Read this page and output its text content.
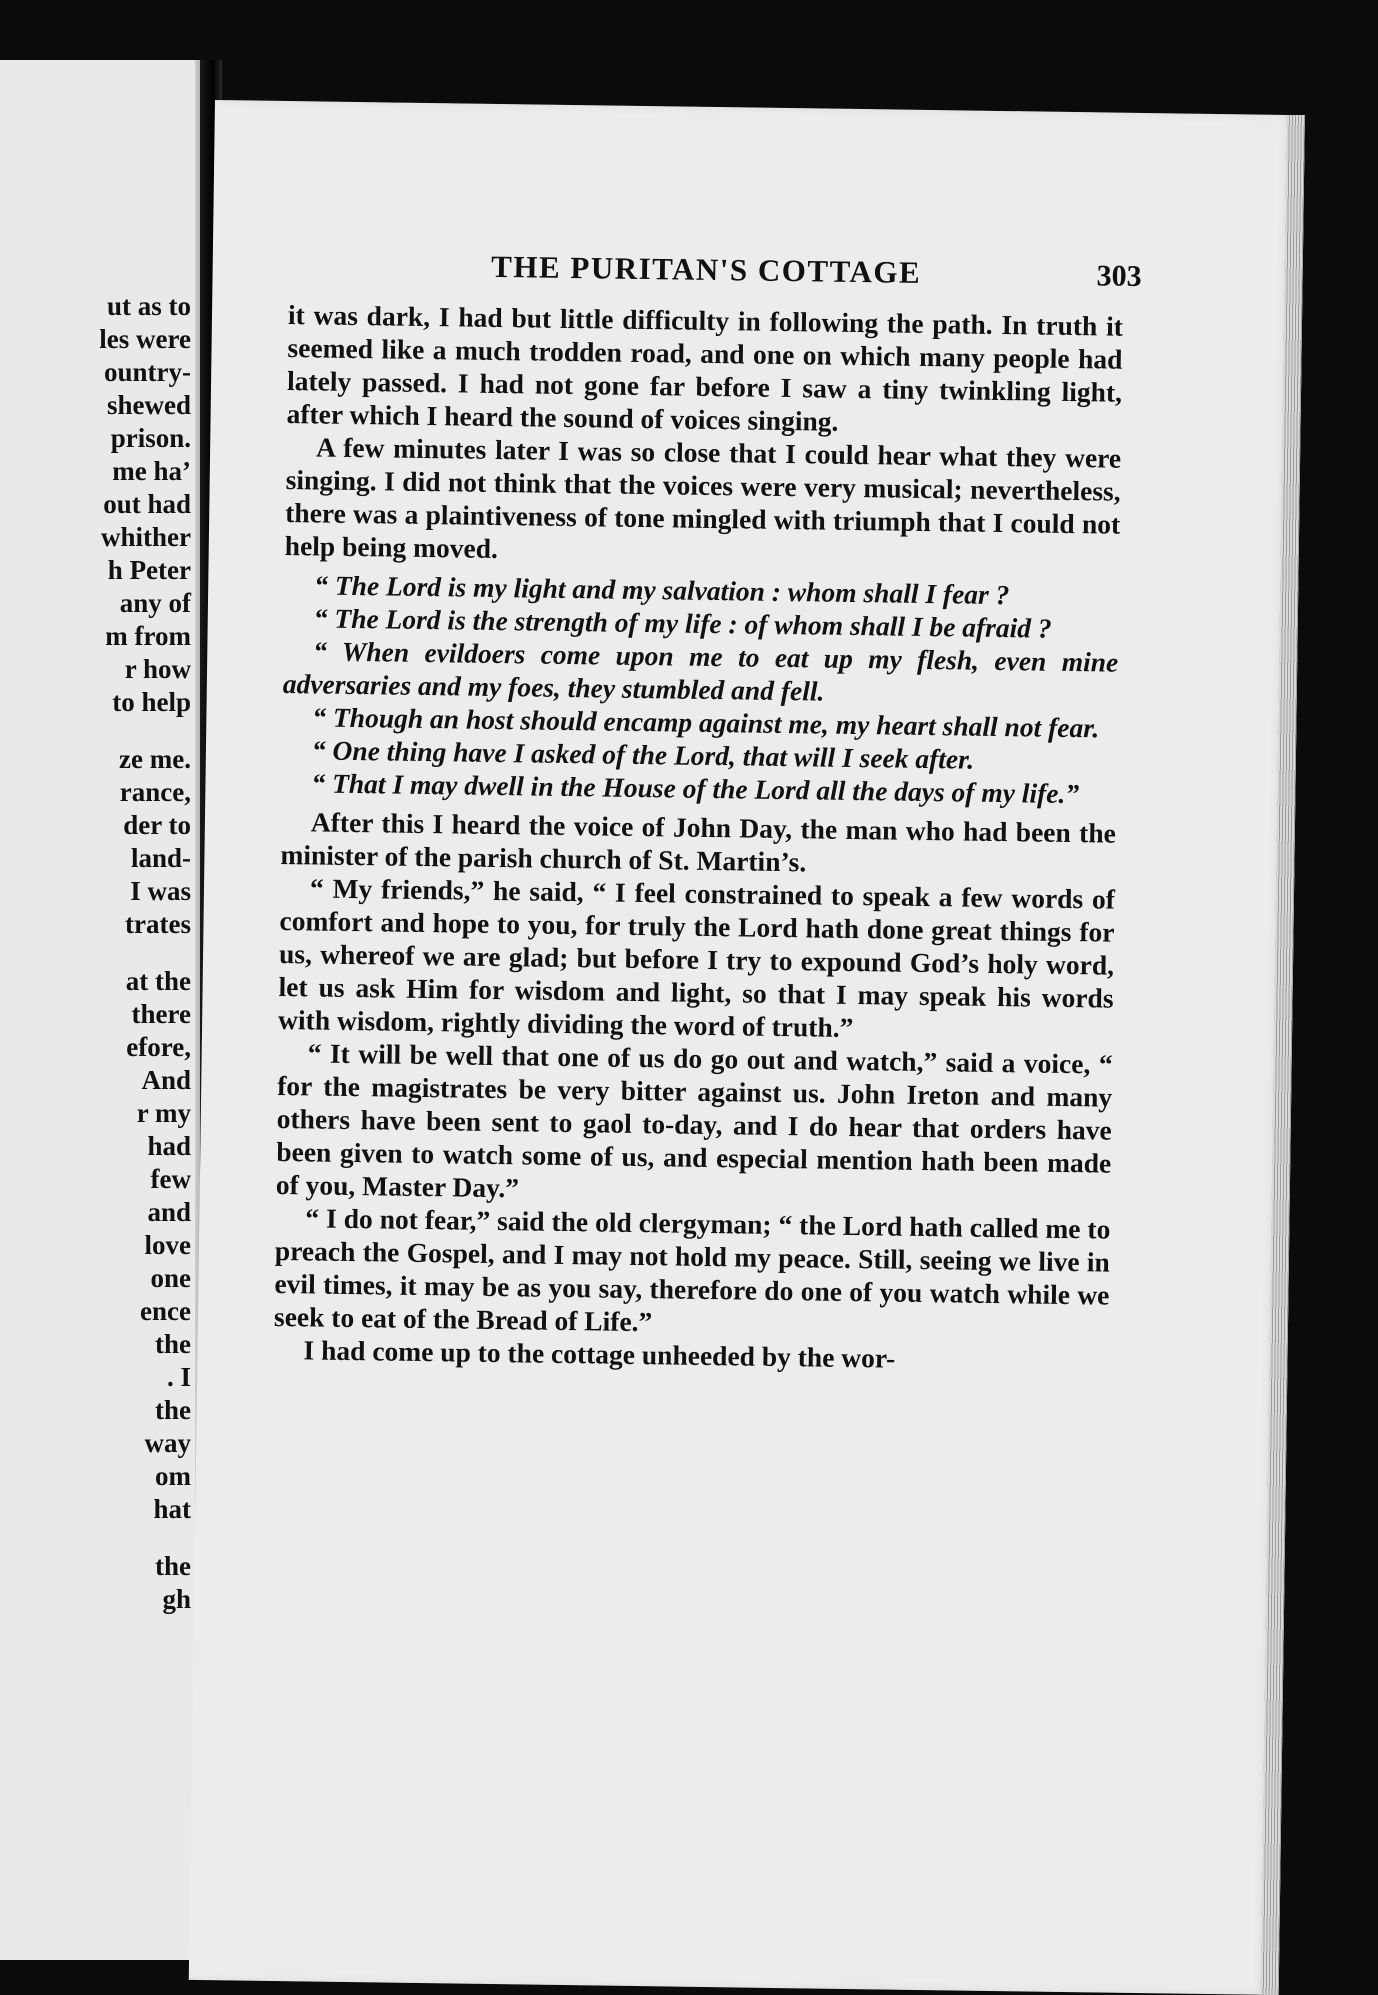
ut as to
les were
ountry-
shewed
prison.
me ha’
out had
whither
h Peter
any of
m from
r how
to help
ze me.
rance,
der to
land-
I was
trates
at the
there
efore,
And
r my
had
few
and
love
one
ence
the
. I
the
way
om
hat
the
gh
THE PURITAN'S COTTAGE	303

it was dark, I had but little difficulty in following the path. In truth it seemed like a much trodden road, and one on which many people had lately passed. I had not gone far before I saw a tiny twinkling light, after which I heard the sound of voices singing.

A few minutes later I was so close that I could hear what they were singing. I did not think that the voices were very musical; nevertheless, there was a plaintiveness of tone mingled with triumph that I could not help being moved.

“ The Lord is my light and my salvation : whom shall I fear ?

“ The Lord is the strength of my life : of whom shall I be afraid ?

“ When evildoers come upon me to eat up my flesh, even mine adversaries and my foes, they stumbled and fell.

“ Though an host should encamp against me, my heart shall not fear.

“ One thing have I asked of the Lord, that will I seek after.

“ That I may dwell in the House of the Lord all the days of my life.”

After this I heard the voice of John Day, the man who had been the minister of the parish church of St. Martin’s.

“ My friends,” he said, “ I feel constrained to speak a few words of comfort and hope to you, for truly the Lord hath done great things for us, whereof we are glad; but before I try to expound God’s holy word, let us ask Him for wisdom and light, so that I may speak his words with wisdom, rightly dividing the word of truth.”

“ It will be well that one of us do go out and watch,” said a voice, “ for the magistrates be very bitter against us. John Ireton and many others have been sent to gaol to-day, and I do hear that orders have been given to watch some of us, and especial mention hath been made of you, Master Day.”

“ I do not fear,” said the old clergyman; “ the Lord hath called me to preach the Gospel, and I may not hold my peace. Still, seeing we live in evil times, it may be as you say, therefore do one of you watch while we seek to eat of the Bread of Life.”

I had come up to the cottage unheeded by the wor-
